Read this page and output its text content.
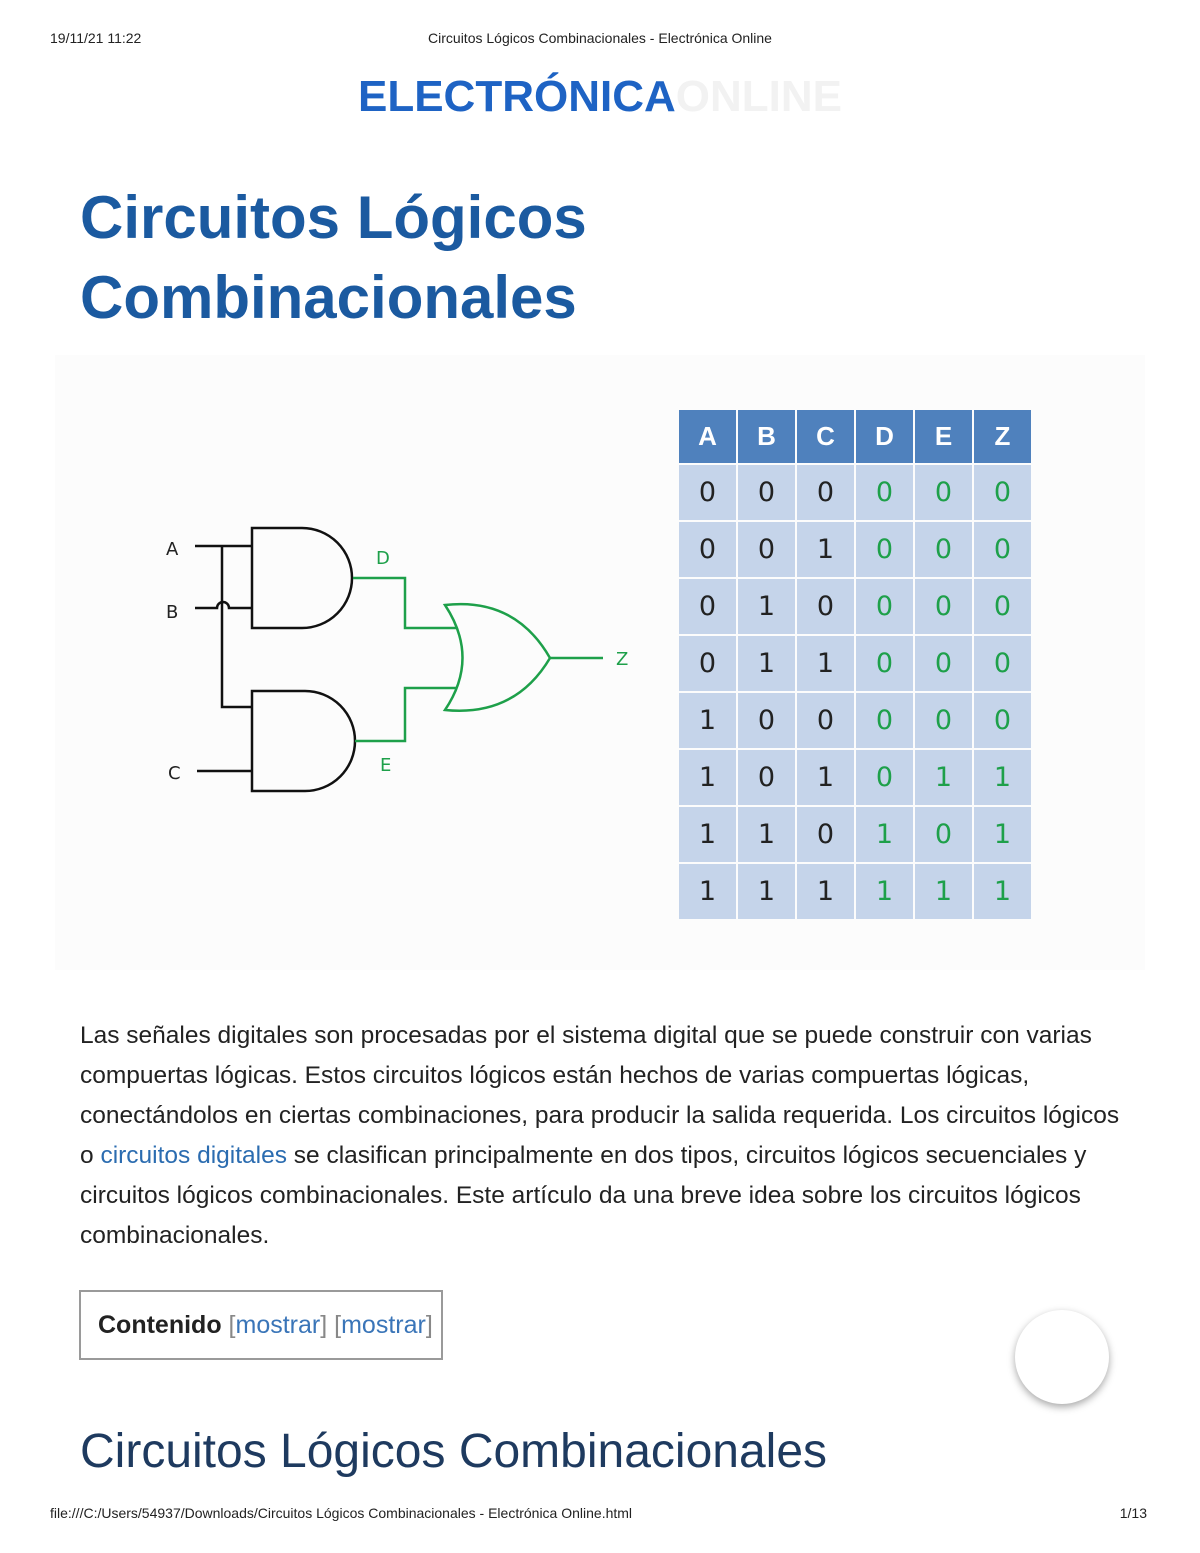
19/11/21 11:22	Circuitos Lógicos Combinacionales - Electrónica Online
ELECTRÓNICAONLINE
Circuitos Lógicos Combinacionales
A
B
C
D
E
Z
A	B	C	D	E	Z
0	0	0	0	0	0
0	0	1	0	0	0
0	1	0	0	0	0
0	1	1	0	0	0
1	0	0	0	0	0
1	0	1	0	1	1
1	1	0	1	0	1
1	1	1	1	1	1

Las señales digitales son procesadas por el sistema digital que se puede construir con varias compuertas lógicas. Estos circuitos lógicos están hechos de varias compuertas lógicas, conectándolos en ciertas combinaciones, para producir la salida requerida. Los circuitos lógicos o circuitos digitales se clasifican principalmente en dos tipos, circuitos lógicos secuenciales y circuitos lógicos combinacionales. Este artículo da una breve idea sobre los circuitos lógicos combinacionales.

Contenido [mostrar] [mostrar]
Circuitos Lógicos Combinacionales
file:///C:/Users/54937/Downloads/Circuitos Lógicos Combinacionales - Electrónica Online.html	1/13
